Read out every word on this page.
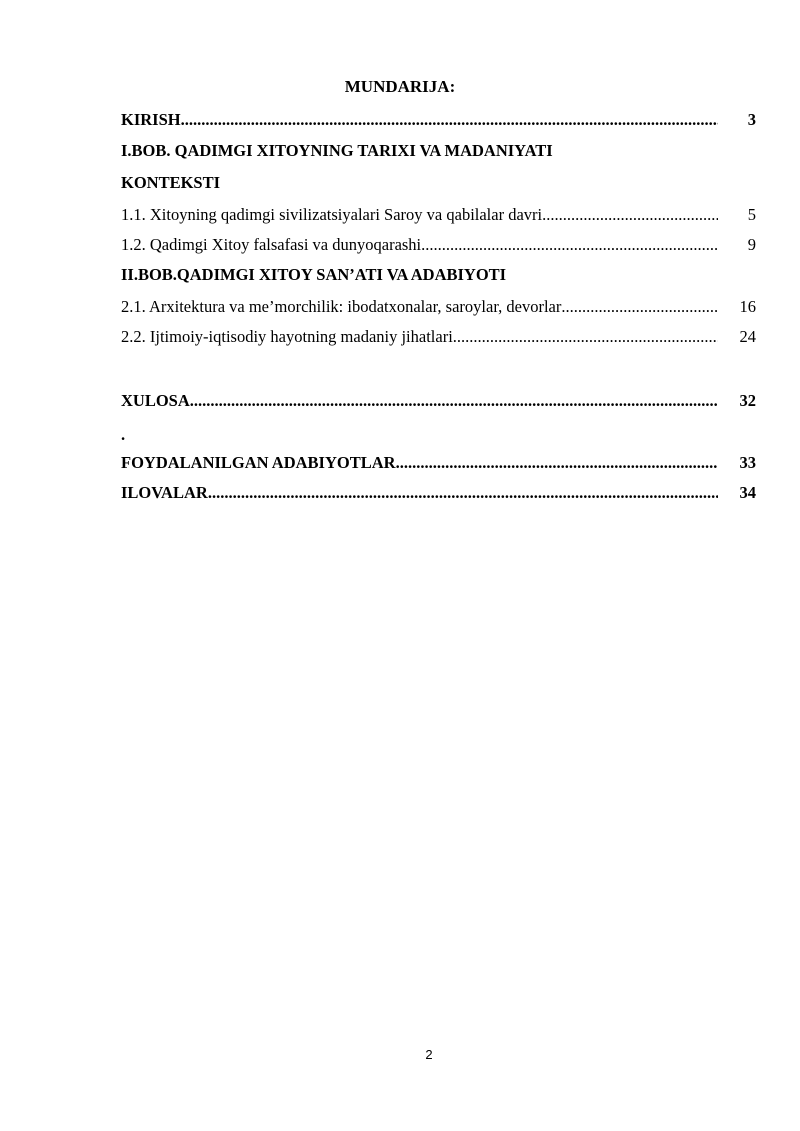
MUNDARIJA:
KIRISH .....	3
I.BOB. QADIMGI XITOYNING TARIXI VA MADANIYATI
KONTEKSTI
1.1. Xitoyning qadimgi sivilizatsiyalari Saroy va qabilalar davri .....	5
1.2. Qadimgi Xitoy falsafasi va dunyoqarashi .....	9
II.BOB.QADIMGI XITOY SAN’ATI VA ADABIYOTI
2.1. Arxitektura va me’morchilik: ibodatxonalar, saroylar, devorlar .....	16
2.2. Ijtimoiy-iqtisodiy hayotning madaniy jihatlari .....	24
XULOSA .....	32
.
FOYDALANILGAN ADABIYOTLAR .....	33
ILOVALAR .....	34
2
